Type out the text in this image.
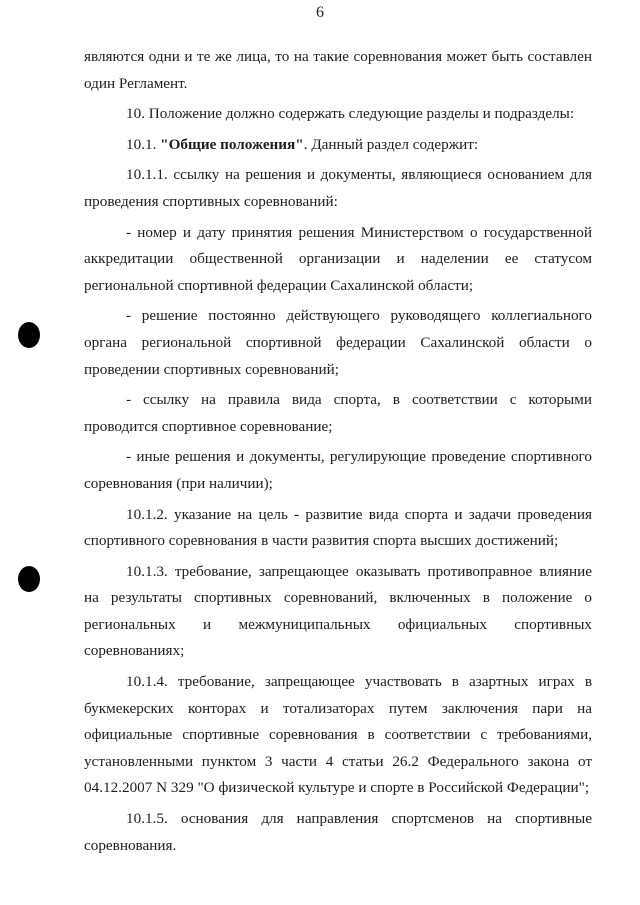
6

являются одни и те же лица, то на такие соревнования может быть составлен один Регламент.

10. Положение должно содержать следующие разделы и подразделы:

10.1. "Общие положения". Данный раздел содержит:

10.1.1. ссылку на решения и документы, являющиеся основанием для проведения спортивных соревнований:

- номер и дату принятия решения Министерством о государственной аккредитации общественной организации и наделении ее статусом региональной спортивной федерации Сахалинской области;

- решение постоянно действующего руководящего коллегиального органа региональной спортивной федерации Сахалинской области о проведении спортивных соревнований;

- ссылку на правила вида спорта, в соответствии с которыми проводится спортивное соревнование;

- иные решения и документы, регулирующие проведение спортивного соревнования (при наличии);

10.1.2. указание на цель - развитие вида спорта и задачи проведения спортивного соревнования в части развития спорта высших достижений;

10.1.3. требование, запрещающее оказывать противоправное влияние на результаты спортивных соревнований, включенных в положение о региональных и межмуниципальных официальных спортивных соревнованиях;

10.1.4. требование, запрещающее участвовать в азартных играх в букмекерских конторах и тотализаторах путем заключения пари на официальные спортивные соревнования в соответствии с требованиями, установленными пунктом 3 части 4 статьи 26.2 Федерального закона от 04.12.2007 N 329 "О физической культуре и спорте в Российской Федерации";

10.1.5. основания для направления спортсменов на спортивные соревнования.
